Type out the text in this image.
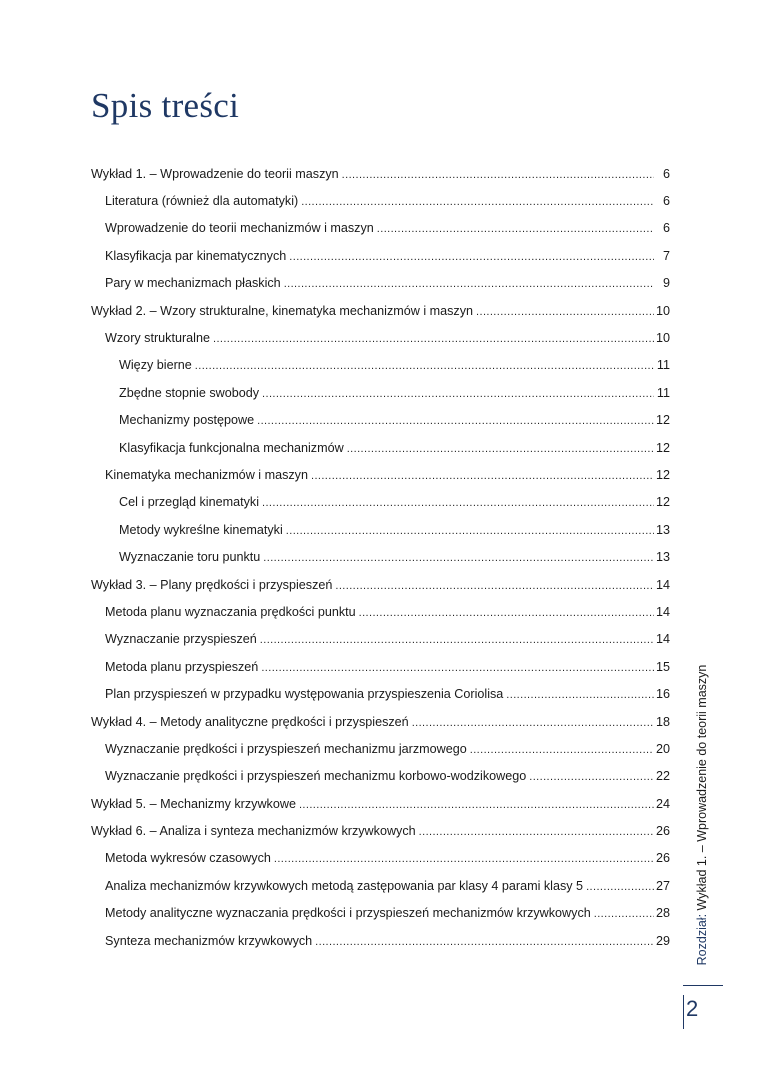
Spis treści
Wykład 1. – Wprowadzenie do teorii maszyn .....	6
Literatura (również dla automatyki) .....	6
Wprowadzenie do teorii mechanizmów i maszyn .....	6
Klasyfikacja par kinematycznych .....	7
Pary w mechanizmach płaskich .....	9
Wykład 2. – Wzory strukturalne, kinematyka mechanizmów i maszyn .....	10
Wzory strukturalne .....	10
Więzy bierne .....	11
Zbędne stopnie swobody .....	11
Mechanizmy postępowe .....	12
Klasyfikacja funkcjonalna mechanizmów .....	12
Kinematyka mechanizmów i maszyn .....	12
Cel i przegląd kinematyki .....	12
Metody wykreślne kinematyki .....	13
Wyznaczanie toru punktu .....	13
Wykład 3. – Plany prędkości i przyspieszeń .....	14
Metoda planu wyznaczania prędkości punktu .....	14
Wyznaczanie przyspieszeń .....	14
Metoda planu przyspieszeń .....	15
Plan przyspieszeń w przypadku występowania przyspieszenia Coriolisa .....	16
Wykład 4. – Metody analityczne prędkości i przyspieszeń .....	18
Wyznaczanie prędkości i przyspieszeń mechanizmu jarzmowego .....	20
Wyznaczanie prędkości i przyspieszeń mechanizmu korbowo-wodzikowego .....	22
Wykład 5. – Mechanizmy krzywkowe .....	24
Wykład 6. – Analiza i synteza mechanizmów krzywkowych .....	26
Metoda wykresów czasowych .....	26
Analiza mechanizmów krzywkowych metodą zastępowania par klasy 4 parami klasy 5 .....	27
Metody analityczne wyznaczania prędkości i przyspieszeń mechanizmów krzywkowych .....	28
Synteza mechanizmów krzywkowych .....	29 Rozdział: Wykład 1. – Wprowadzenie do teorii maszyn
2
